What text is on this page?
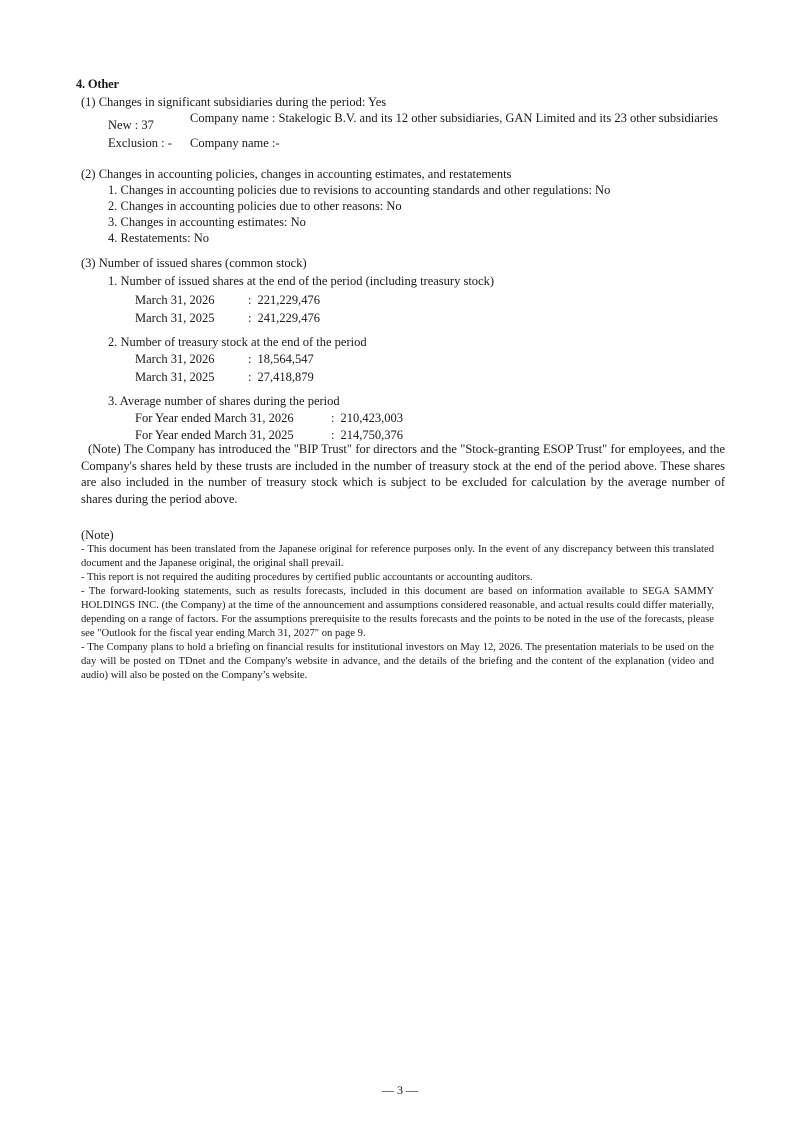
4. Other
(1) Changes in significant subsidiaries during the period: Yes
New : 37	Company name : Stakelogic B.V. and its 12 other subsidiaries, GAN Limited and its 23 other subsidiaries
Exclusion : -	Company name :-
(2) Changes in accounting policies, changes in accounting estimates, and restatements
1. Changes in accounting policies due to revisions to accounting standards and other regulations: No
2. Changes in accounting policies due to other reasons: No
3. Changes in accounting estimates: No
4. Restatements: No
(3) Number of issued shares (common stock)
1. Number of issued shares at the end of the period (including treasury stock)
March 31, 2026	: 221,229,476
March 31, 2025	: 241,229,476
2. Number of treasury stock at the end of the period
March 31, 2026	: 18,564,547
March 31, 2025	: 27,418,879
3. Average number of shares during the period
For Year ended March 31, 2026	: 210,423,003
For Year ended March 31, 2025	: 214,750,376
(Note) The Company has introduced the "BIP Trust" for directors and the "Stock-granting ESOP Trust" for employees, and the Company's shares held by these trusts are included in the number of treasury stock at the end of the period above. These shares are also included in the number of treasury stock which is subject to be excluded for calculation by the average number of shares during the period above.
(Note)
- This document has been translated from the Japanese original for reference purposes only. In the event of any discrepancy between this translated document and the Japanese original, the original shall prevail.
- This report is not required the auditing procedures by certified public accountants or accounting auditors.
- The forward-looking statements, such as results forecasts, included in this document are based on information available to SEGA SAMMY HOLDINGS INC. (the Company) at the time of the announcement and assumptions considered reasonable, and actual results could differ materially, depending on a range of factors. For the assumptions prerequisite to the results forecasts and the points to be noted in the use of the forecasts, please see "Outlook for the fiscal year ending March 31, 2027" on page 9.
- The Company plans to hold a briefing on financial results for institutional investors on May 12, 2026. The presentation materials to be used on the day will be posted on TDnet and the Company's website in advance, and the details of the briefing and the content of the explanation (video and audio) will also be posted on the Company’s website.
— 3 —
